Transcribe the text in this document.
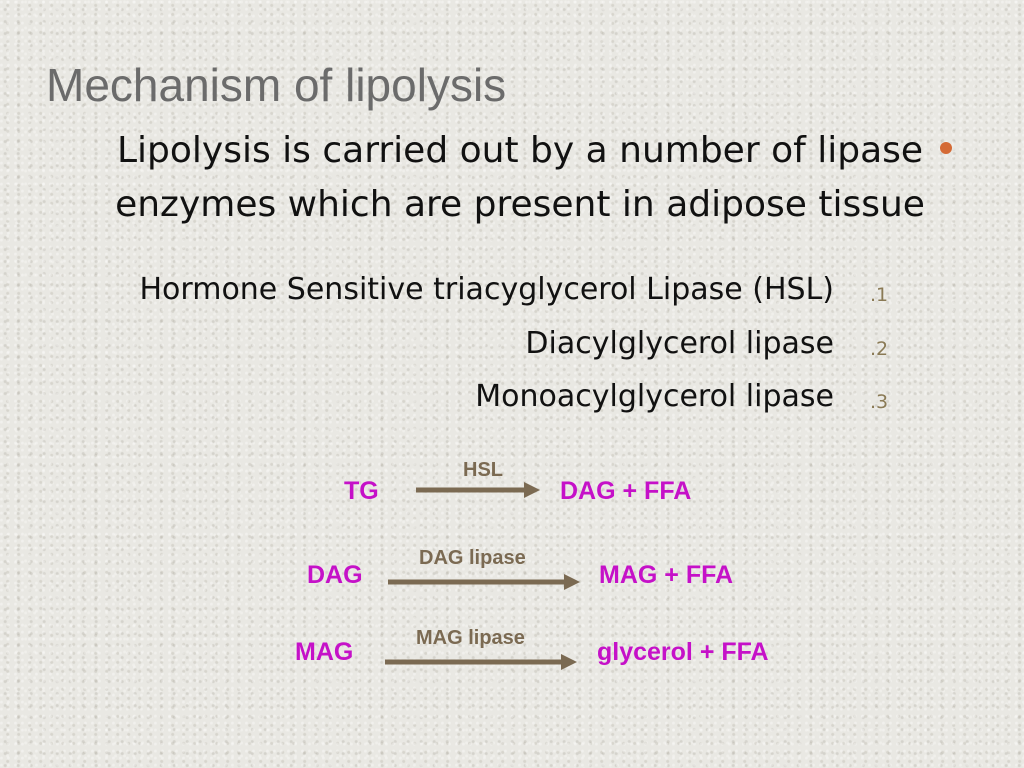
Mechanism of lipolysis
Lipolysis is carried out by a number of lipase
enzymes which are present in adipose tissue
Hormone Sensitive triacyglycerol Lipase (HSL) .1
Diacylglycerol lipase .2
Monoacylglycerol lipase .3
TG
HSL
DAG + FFA
DAG
DAG lipase
MAG + FFA
MAG	MAG lipase	glycerol + FFA
